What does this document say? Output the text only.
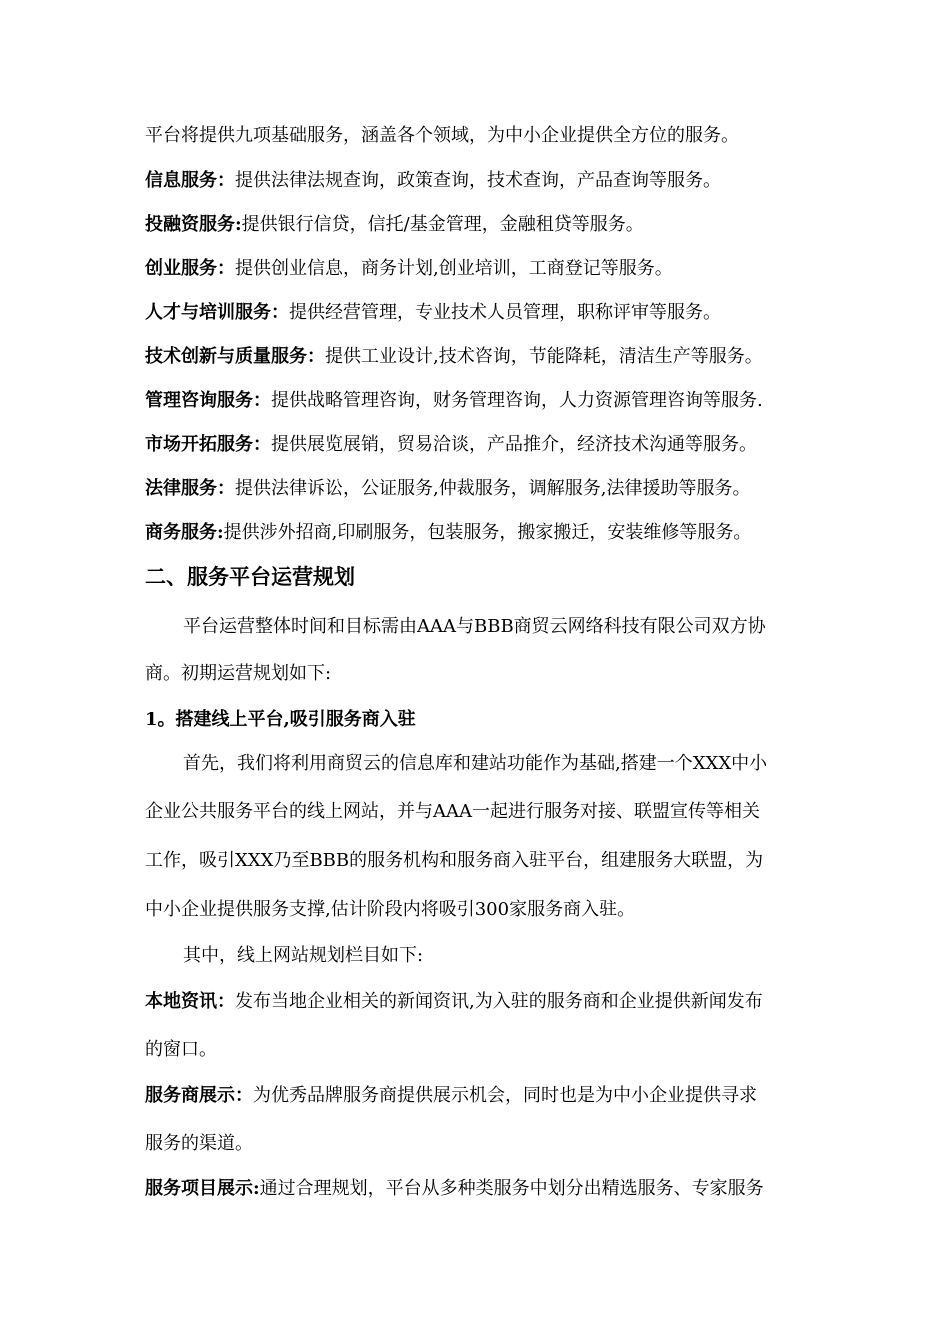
平台将提供九项基础服务，涵盖各个领域，为中小企业提供全方位的服务。

信息服务：提供法律法规查询，政策查询，技术查询，产品查询等服务。

投融资服务:提供银行信贷，信托/基金管理，金融租贷等服务。

创业服务：提供创业信息，商务计划,创业培训，工商登记等服务。

人才与培训服务：提供经营管理，专业技术人员管理，职称评审等服务。

技术创新与质量服务：提供工业设计,技术咨询，节能降耗，清洁生产等服务。

管理咨询服务：提供战略管理咨询，财务管理咨询，人力资源管理咨询等服务.

市场开拓服务：提供展览展销，贸易洽谈，产品推介，经济技术沟通等服务。

法律服务：提供法律诉讼，公证服务,仲裁服务，调解服务,法律援助等服务。

商务服务:提供涉外招商,印刷服务，包装服务，搬家搬迁，安装维修等服务。

二、服务平台运营规划

平台运营整体时间和目标需由AAA与BBB商贸云网络科技有限公司双方协

商。初期运营规划如下:

1。搭建线上平台,吸引服务商入驻

首先，我们将利用商贸云的信息库和建站功能作为基础,搭建一个XXX中小

企业公共服务平台的线上网站，并与AAA一起进行服务对接、联盟宣传等相关

工作，吸引XXX乃至BBB的服务机构和服务商入驻平台，组建服务大联盟，为

中小企业提供服务支撑,估计阶段内将吸引300家服务商入驻。

其中，线上网站规划栏目如下:

本地资讯：发布当地企业相关的新闻资讯,为入驻的服务商和企业提供新闻发布

的窗口。

服务商展示：为优秀品牌服务商提供展示机会，同时也是为中小企业提供寻求

服务的渠道。

服务项目展示:通过合理规划，平台从多种类服务中划分出精选服务、专家服务
